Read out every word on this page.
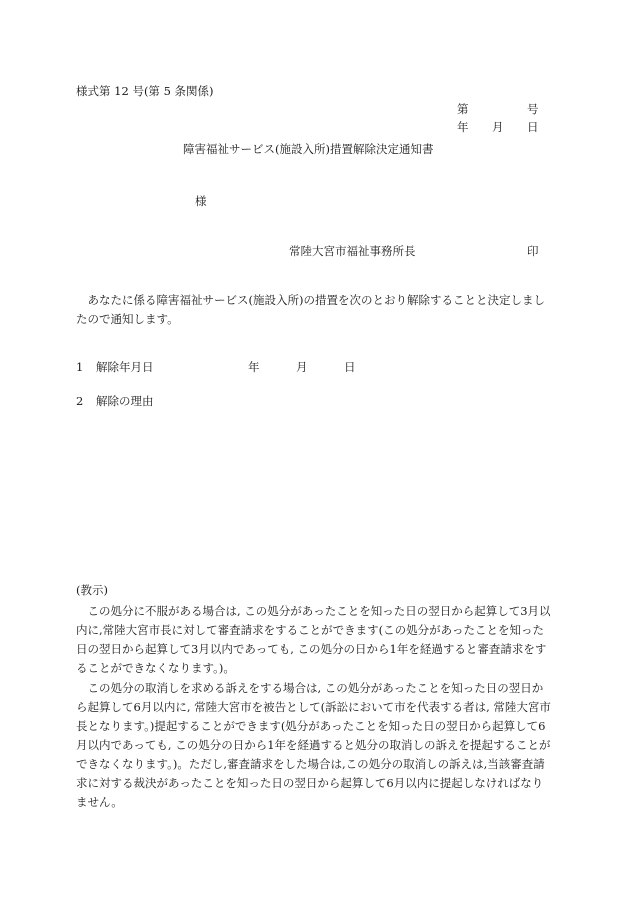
様式第 12 号(第 5 条関係)
第	号
年 月 日
障害福祉サービス(施設入所)措置解除決定通知書
様
常陸大宮市福祉事務所長	印
あなたに係る障害福祉サービス(施設入所)の措置を次のとおり解除することと決定しましたので通知します。
1 解除年月日	年	月	日
2 解除の理由
(教示)
この処分に不服がある場合は, この処分があったことを知った日の翌日から起算して3月以内に,常陸大宮市長に対して審査請求をすることができます(この処分があったことを知った日の翌日から起算して3月以内であっても, この処分の日から1年を経過すると審査請求をすることができなくなります。)。
この処分の取消しを求める訴えをする場合は, この処分があったことを知った日の翌日から起算して6月以内に, 常陸大宮市を被告として(訴訟において市を代表する者は, 常陸大宮市長となります。)提起することができます(処分があったことを知った日の翌日から起算して6月以内であっても, この処分の日から1年を経過すると処分の取消しの訴えを提起することができなくなります。)。ただし,審査請求をした場合は,この処分の取消しの訴えは,当該審査請求に対する裁決があったことを知った日の翌日から起算して6月以内に提起しなければなりません。
